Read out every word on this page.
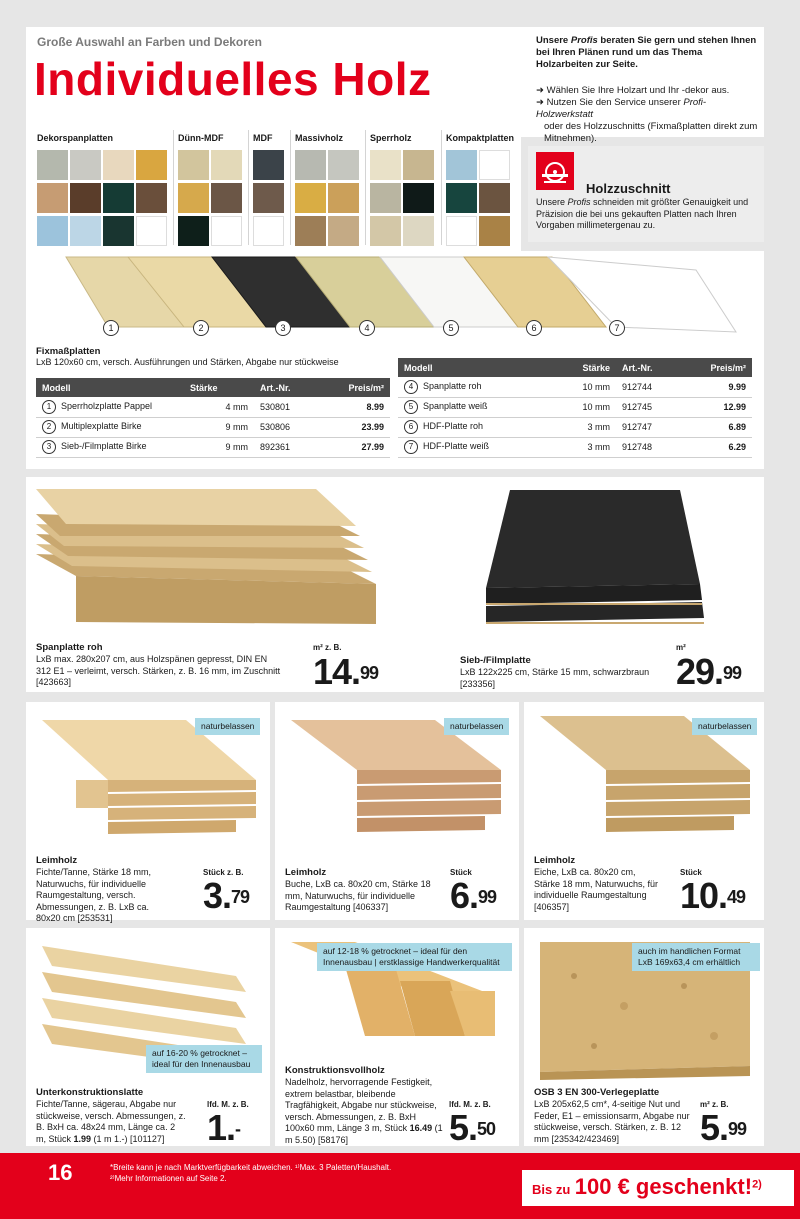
Große Auswahl an Farben und Dekoren
Individuelles Holz
Unsere Profis beraten Sie gern und stehen Ihnen bei Ihren Plänen rund um das Thema Holzarbeiten zur Seite.
➜ Wählen Sie Ihre Holzart und Ihr -dekor aus.
➜ Nutzen Sie den Service unserer Profi-Holzwerkstatt
oder des Holzzuschnitts (Fixmaßplatten direkt zum Mitnehmen).
Dekorspanplatten	Dünn-MDF	MDF	Massivholz	Sperrholz	Kompaktplatten
Holzzuschnitt
Unsere Profis schneiden mit größter Genauigkeit und Präzision die bei uns gekauften Platten nach Ihren Vorgaben millimetergenau zu.
1	2	3	4	5	6	7
Fixmaßplatten
LxB 120x60 cm, versch. Ausführungen und Stärken, Abgabe nur stückweise
Modell	Stärke	Art.-Nr.	Preis/m²
1 Sperrholzplatte Pappel	4 mm	530801	8.99
2 Multiplexplatte Birke	9 mm	530806	23.99
3 Sieb-/Filmplatte Birke	9 mm	892361	27.99
Modell	Stärke	Art.-Nr.	Preis/m²
4 Spanplatte roh	10 mm	912744	9.99
5 Spanplatte weiß	10 mm	912745	12.99
6 HDF-Platte roh	3 mm	912747	6.89
7 HDF-Platte weiß	3 mm	912748	6.29
Spanplatte roh
LxB max. 280x207 cm, aus Holzspänen gepresst, DIN EN 312 E1 – verleimt, versch. Stärken, z. B. 16 mm, im Zuschnitt [423663]
m² z. B.
14.99
Sieb-/Filmplatte
LxB 122x225 cm, Stärke 15 mm, schwarzbraun [233356]
m²
29.99
naturbelassen	naturbelassen	naturbelassen
Leimholz
Fichte/Tanne, Stärke 18 mm, Naturwuchs, für individuelle Raumgestaltung, versch. Abmessungen, z. B. LxB ca. 80x20 cm [253531]
Stück z. B.
3.79
Leimholz
Buche, LxB ca. 80x20 cm, Stärke 18 mm, Naturwuchs, für individuelle Raumgestaltung [406337]
Stück
6.99
Leimholz
Eiche, LxB ca. 80x20 cm, Stärke 18 mm, Naturwuchs, für individuelle Raumgestaltung [406357]
Stück
10.49
auf 16-20 % getrocknet – ideal für den Innenausbau
auf 12-18 % getrocknet – ideal für den Innenausbau | erstklassige Handwerkerqualität
auch im handlichen Format LxB 169x63,4 cm erhältlich
Unterkonstruktionslatte
Fichte/Tanne, sägerau, Abgabe nur stückweise, versch. Abmessungen, z. B. BxH ca. 48x24 mm, Länge ca. 2 m, Stück 1.99 (1 m 1.-) [101127]
lfd. M. z. B.
1.-
Konstruktionsvollholz
Nadelholz, hervorragende Festigkeit, extrem belastbar, bleibende Tragfähigkeit, Abgabe nur stückweise, versch. Abmessungen, z. B. BxH 100x60 mm, Länge 3 m, Stück 16.49 (1 m 5.50) [58176]
lfd. M. z. B.
5.50
OSB 3 EN 300-Verlegeplatte
LxB 205x62,5 cm*, 4-seitige Nut und Feder, E1 – emissionsarm, Abgabe nur stückweise, versch. Stärken, z. B. 12 mm [235342/423469]
m² z. B.
5.99
16	*Breite kann je nach Marktverfügbarkeit abweichen. ¹⁾Max. 3 Paletten/Haushalt.
²⁾Mehr Informationen auf Seite 2.
Bis zu 100 € geschenkt!$^{2)}$
